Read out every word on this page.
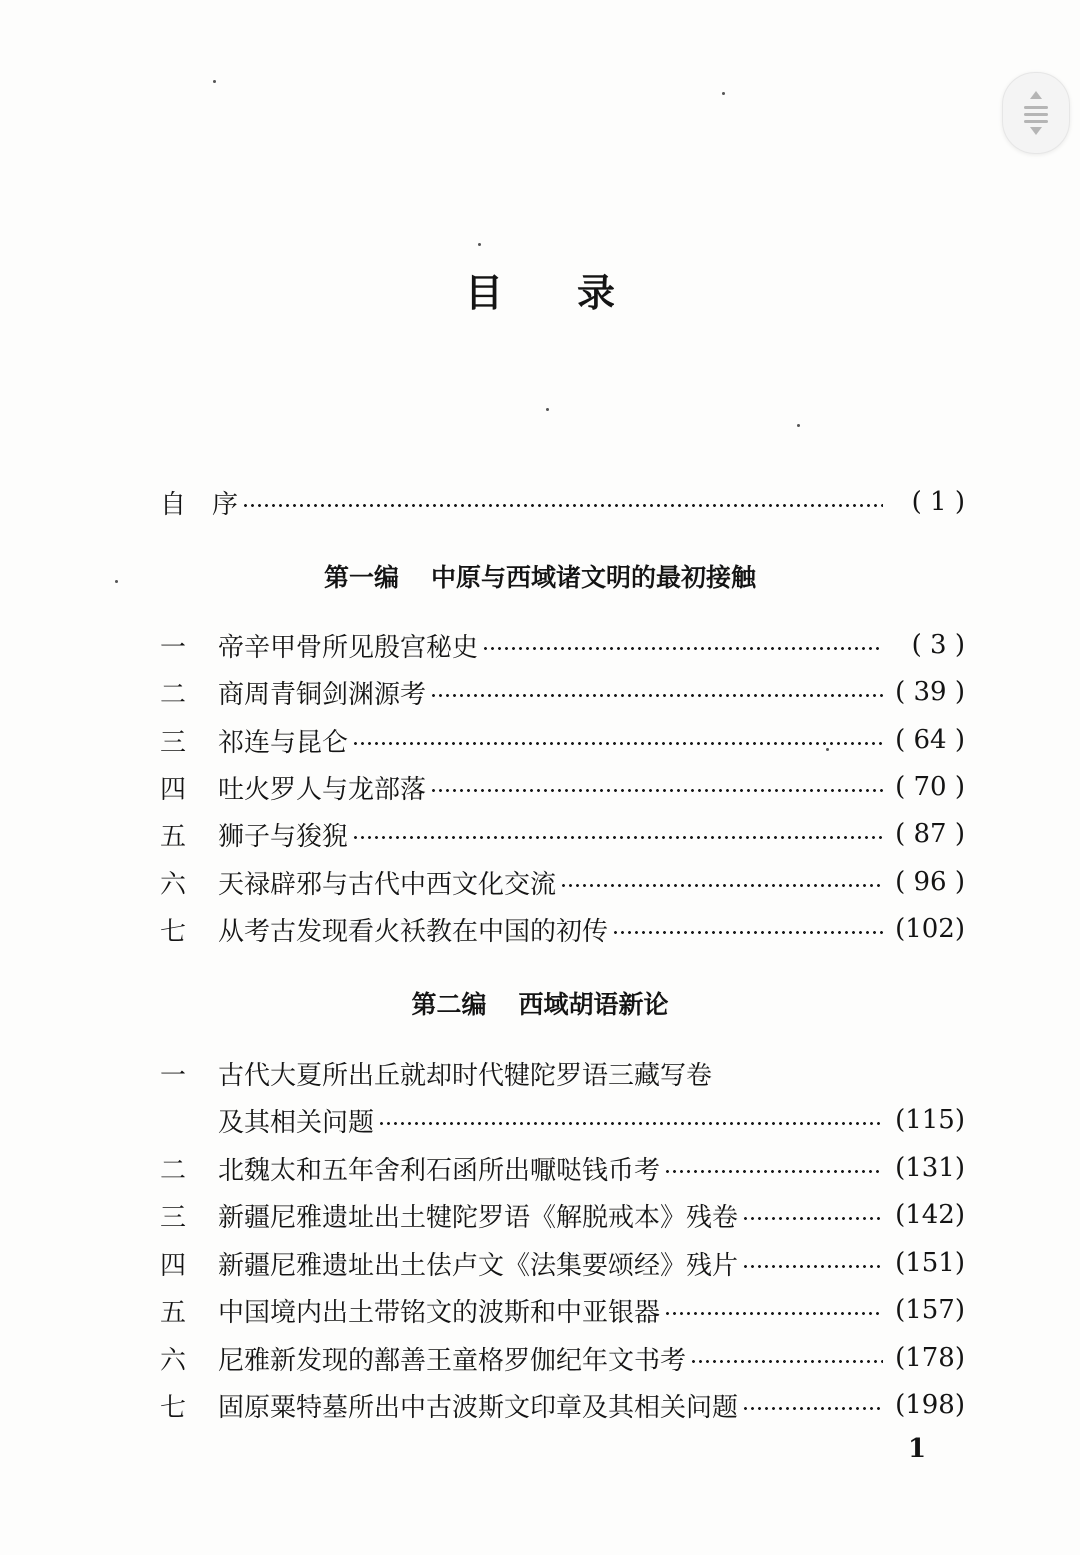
目 录
自　序	( 1 )
第一编 中原与西域诸文明的最初接触
一	帝辛甲骨所见殷宫秘史	( 3 )
二	商周青铜剑渊源考	( 39 )
三	祁连与昆仑	( 64 )
四	吐火罗人与龙部落	( 70 )
五	狮子与狻猊	( 87 )
六	天禄辟邪与古代中西文化交流	( 96 )
七	从考古发现看火袄教在中国的初传	(102)
第二编 西域胡语新论
一	古代大夏所出丘就却时代犍陀罗语三藏写卷
及其相关问题	(115)
二	北魏太和五年舍利石函所出嚈哒钱币考	(131)
三	新疆尼雅遗址出土犍陀罗语《解脱戒本》残卷	(142)
四	新疆尼雅遗址出土佉卢文《法集要颂经》残片	(151)
五	中国境内出土带铭文的波斯和中亚银器	(157)
六	尼雅新发现的鄯善王童格罗伽纪年文书考	(178)
七	固原粟特墓所出中古波斯文印章及其相关问题	(198)
1
